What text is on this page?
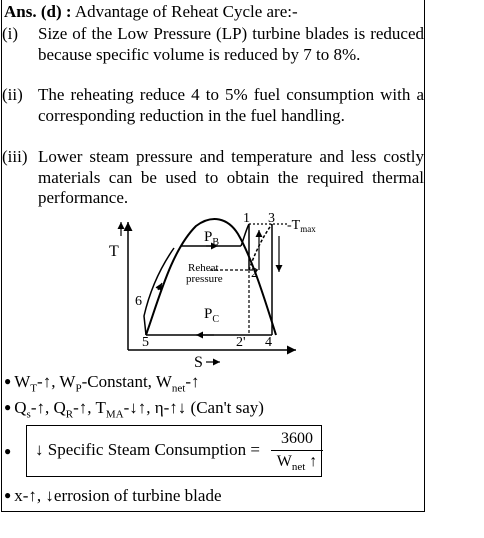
Ans. (d) : Advantage of Reheat Cycle are:-
(i) Size of the Low Pressure (LP) turbine blades is reduced because specific volume is reduced by 7 to 8%.
(ii) The reheating reduce 4 to 5% fuel consumption with a corresponding reduction in the fuel handling.
(iii) Lower steam pressure and temperature and less costly materials can be used to obtain the required thermal performance.
T
S
1 3
2
6
5	2' 4
$-T_{max}$
$P_B$
Reheat
pressure
$P_C$
● $W_T-↑$, $W_P$-Constant, $W_{net}-↑$
● $Q_s-↑$, $Q_R-↑$, $T_{MA}-↓↑$, η-↑↓ (Can't say)
● ↓ Specific Steam Consumption =
3600
$W_{net}$ ↑
● x-↑, ↓errosion of turbine blade
